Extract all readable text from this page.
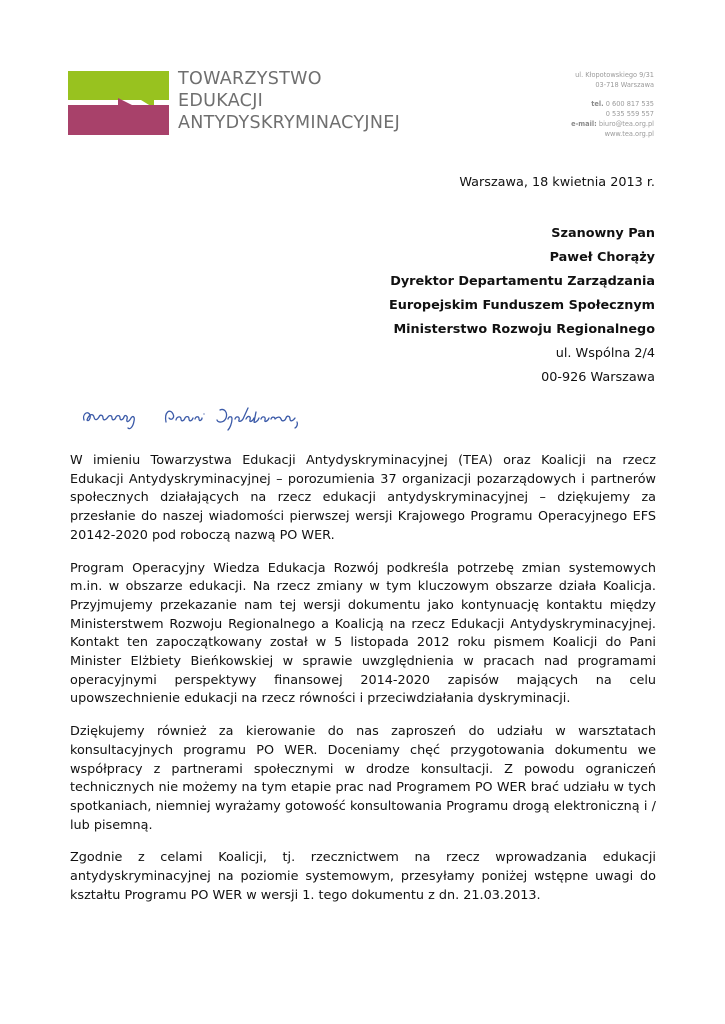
TOWARZYSTWO
EDUKACJI
ANTYDYSKRYMINACYJNEJ
ul. Kłopotowskiego 9/31
03-718 Warszawa
tel. 0 600 817 535
0 535 559 557
e-mail: biuro@tea.org.pl
www.tea.org.pl
Warszawa, 18 kwietnia 2013 r.
Szanowny Pan
Paweł Chorąży
Dyrektor Departamentu Zarządzania
Europejskim Funduszem Społecznym
Ministerstwo Rozwoju Regionalnego
ul. Wspólna 2/4
00-926 Warszawa

W imieniu Towarzystwa Edukacji Antydyskryminacyjnej (TEA) oraz Koalicji na rzecz Edukacji Antydyskryminacyjnej – porozumienia 37 organizacji pozarządowych i partnerów społecznych działających na rzecz edukacji antydyskryminacyjnej – dziękujemy za przesłanie do naszej wiadomości pierwszej wersji Krajowego Programu Operacyjnego EFS 20142-2020 pod roboczą nazwą PO WER.

Program Operacyjny Wiedza Edukacja Rozwój podkreśla potrzebę zmian systemowych m.in. w obszarze edukacji. Na rzecz zmiany w tym kluczowym obszarze działa Koalicja. Przyjmujemy przekazanie nam tej wersji dokumentu jako kontynuację kontaktu między Ministerstwem Rozwoju Regionalnego a Koalicją na rzecz Edukacji Antydyskryminacyjnej. Kontakt ten zapoczątkowany został w 5 listopada 2012 roku pismem Koalicji do Pani Minister Elżbiety Bieńkowskiej w sprawie uwzględnienia w pracach nad programami operacyjnymi perspektywy finansowej 2014-2020 zapisów mających na celu upowszechnienie edukacji na rzecz równości i przeciwdziałania dyskryminacji.

Dziękujemy również za kierowanie do nas zaproszeń do udziału w warsztatach konsultacyjnych programu PO WER. Doceniamy chęć przygotowania dokumentu we współpracy z partnerami społecznymi w drodze konsultacji. Z powodu ograniczeń technicznych nie możemy na tym etapie prac nad Programem PO WER brać udziału w tych spotkaniach, niemniej wyrażamy gotowość konsultowania Programu drogą elektroniczną i / lub pisemną.

Zgodnie z celami Koalicji, tj. rzecznictwem na rzecz wprowadzania edukacji antydyskryminacyjnej na poziomie systemowym, przesyłamy poniżej wstępne uwagi do kształtu Programu PO WER w wersji 1. tego dokumentu z dn. 21.03.2013.
